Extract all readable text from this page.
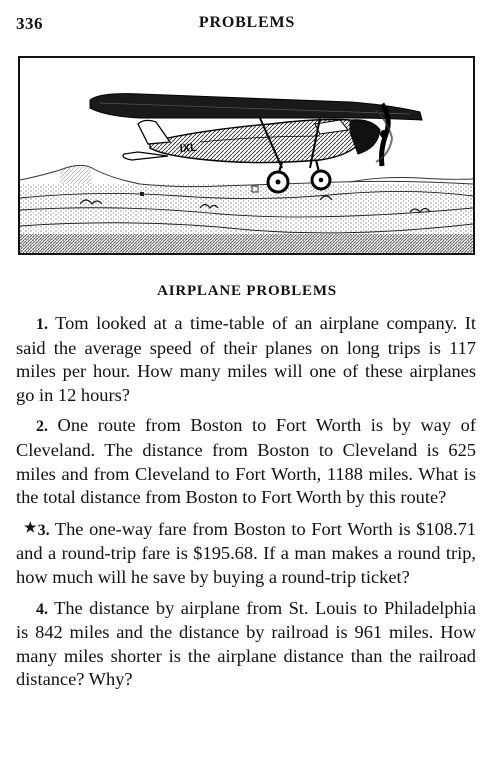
336	PROBLEMS
IXL
AIRPLANE PROBLEMS

1. Tom looked at a time-table of an airplane company. It said the average speed of their planes on long trips is 117 miles per hour. How many miles will one of these airplanes go in 12 hours?

2. One route from Boston to Fort Worth is by way of Cleveland. The distance from Boston to Cleveland is 625 miles and from Cleveland to Fort Worth, 1188 miles. What is the total distance from Boston to Fort Worth by this route?

★3. The one-way fare from Boston to Fort Worth is $108.71 and a round-trip fare is $195.68. If a man makes a round trip, how much will he save by buying a round-trip ticket?

4. The distance by airplane from St. Louis to Philadelphia is 842 miles and the distance by railroad is 961 miles. How many miles shorter is the airplane distance than the railroad distance? Why?
